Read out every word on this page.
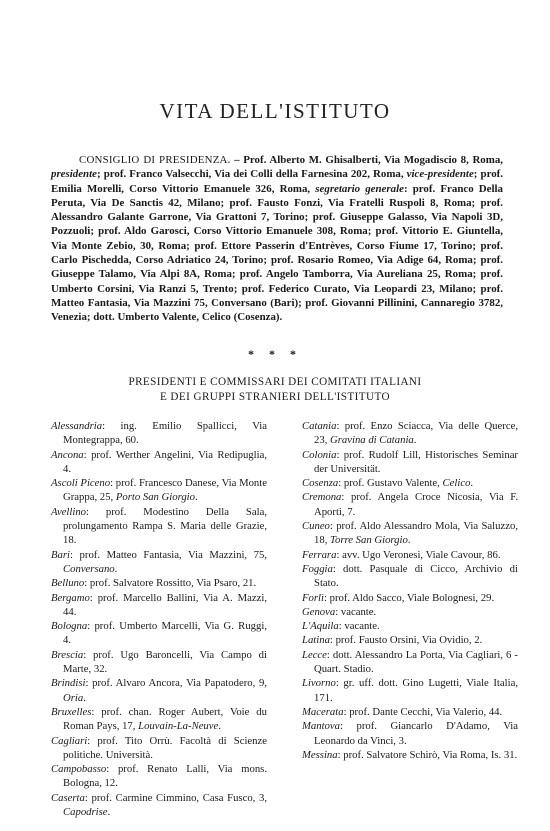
VITA DELL'ISTITUTO
CONSIGLIO DI PRESIDENZA. – Prof. Alberto M. Ghisalberti, Via Mogadiscio 8, Roma, presidente; prof. Franco Valsecchi, Via dei Colli della Farnesina 202, Roma, vice-presidente; prof. Emilia Morelli, Corso Vittorio Emanuele 326, Roma, segretario generale: prof. Franco Della Peruta, Via De Sanctis 42, Milano; prof. Fausto Fonzi, Via Fratelli Ruspoli 8, Roma; prof. Alessandro Galante Garrone, Via Grattoni 7, Torino; prof. Giuseppe Galasso, Via Napoli 3D, Pozzuoli; prof. Aldo Garosci, Corso Vittorio Emanuele 308, Roma; prof. Vittorio E. Giuntella, Via Monte Zebio, 30, Roma; prof. Ettore Passerin d'Entrèves, Corso Fiume 17, Torino; prof. Carlo Pischedda, Corso Adriatico 24, Torino; prof. Rosario Romeo, Via Adige 64, Roma; prof. Giuseppe Talamo, Via Alpi 8A, Roma; prof. Angelo Tamborra, Via Aureliana 25, Roma; prof. Umberto Corsini, Via Ranzi 5, Trento; prof. Federico Curato, Via Leopardi 23, Milano; prof. Matteo Fantasia, Via Mazzini 75, Conversano (Bari); prof. Giovanni Pillinini, Cannaregio 3782, Venezia; dott. Umberto Valente, Celico (Cosenza).
* * *
PRESIDENTI E COMMISSARI DEI COMITATI ITALIANI
E DEI GRUPPI STRANIERI DELL'ISTITUTO

Alessandria: ing. Emilio Spallicci, Via Montegrappa, 60.

Ancona: prof. Werther Angelini, Via Redipuglia, 4.

Ascoli Piceno: prof. Francesco Danese, Via Monte Grappa, 25, Porto San Giorgio.

Avellino: prof. Modestino Della Sala, prolungamento Rampa S. Maria delle Grazie, 18.

Bari: prof. Matteo Fantasia, Via Mazzini, 75, Conversano.

Belluno: prof. Salvatore Rossitto, Via Psaro, 21.

Bergamo: prof. Marcello Ballini, Via A. Mazzi, 44.

Bologna: prof. Umberto Marcelli, Via G. Ruggi, 4.

Brescia: prof. Ugo Baroncelli, Via Campo di Marte, 32.

Brindisi: prof. Alvaro Ancora, Via Papatodero, 9, Oria.

Bruxelles: prof. chan. Roger Aubert, Voie du Roman Pays, 17, Louvain-La-Neuve.

Cagliari: prof. Tito Orrù. Facoltà di Scienze politiche. Università.

Campobasso: prof. Renato Lalli, Via mons. Bologna, 12.

Caserta: prof. Carmine Cimmino, Casa Fusco, 3, Capodrise.

Catania: prof. Enzo Sciacca, Via delle Querce, 23, Gravina di Catania.

Colonia: prof. Rudolf Lill, Historisches Seminar der Universität.

Cosenza: prof. Gustavo Valente, Celico.

Cremona: prof. Angela Croce Nicosia, Via F. Aporti, 7.

Cuneo: prof. Aldo Alessandro Mola, Via Saluzzo, 18, Torre San Giorgio.

Ferrara: avv. Ugo Veronesi, Viale Cavour, 86.

Foggia: dott. Pasquale di Cicco, Archivio di Stato.

Forlì: prof. Aldo Sacco, Viale Bolognesi, 29.

Genova: vacante.

L'Aquila: vacante.

Latina: prof. Fausto Orsini, Via Ovidio, 2.

Lecce: dott. Alessandro La Porta, Via Cagliari, 6 - Quart. Stadio.

Livorno: gr. uff. dott. Gino Lugetti, Viale Italia, 171.

Macerata: prof. Dante Cecchi, Via Valerio, 44.

Mantova: prof. Giancarlo D'Adamo, Via Leonardo da Vinci, 3.

Messina: prof. Salvatore Schirò, Via Roma, Is. 31.
